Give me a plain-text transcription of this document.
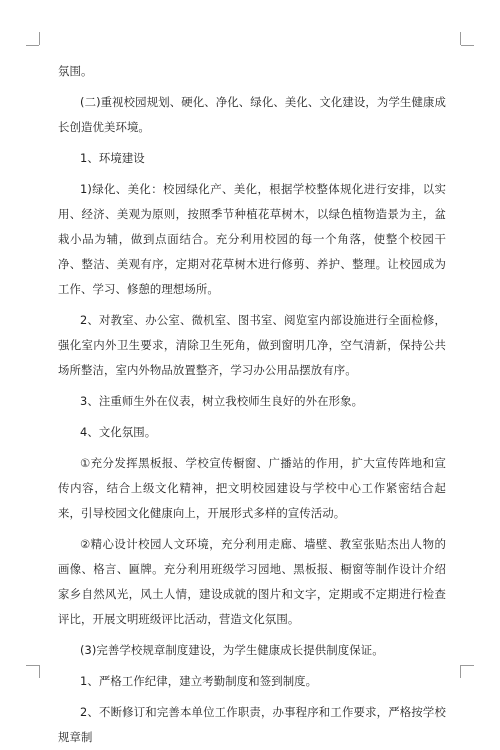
氛围。

(二)重视校园规划、硬化、净化、绿化、美化、文化建设，为学生健康成长创造优美环境。

1、环境建设

1)绿化、美化：校园绿化产、美化，根据学校整体规化进行安排，以实用、经济、美观为原则，按照季节种植花草树木，以绿色植物造景为主，盆栽小品为辅，做到点面结合。充分利用校园的每一个角落，使整个校园干净、整洁、美观有序，定期对花草树木进行修剪、养护、整理。让校园成为工作、学习、修憩的理想场所。

2、对教室、办公室、微机室、图书室、阅览室内部设施进行全面检修，强化室内外卫生要求，清除卫生死角，做到窗明几净，空气清新，保持公共场所整洁，室内外物品放置整齐，学习办公用品摆放有序。

3、注重师生外在仪表，树立我校师生良好的外在形象。

4、文化氛围。

①充分发挥黑板报、学校宣传橱窗、广播站的作用，扩大宣传阵地和宣传内容，结合上级文化精神，把文明校园建设与学校中心工作紧密结合起来，引导校园文化健康向上，开展形式多样的宣传活动。

②精心设计校园人文环境，充分利用走廊、墙壁、教室张贴杰出人物的画像、格言、匾牌。充分利用班级学习园地、黑板报、橱窗等制作设计介绍家乡自然风光，风土人情，建设成就的图片和文字，定期或不定期进行检查评比，开展文明班级评比活动，营造文化氛围。

(3)完善学校规章制度建设，为学生健康成长提供制度保证。

1、严格工作纪律，建立考勤制度和签到制度。

2、不断修订和完善本单位工作职责，办事程序和工作要求，严格按学校规章制
